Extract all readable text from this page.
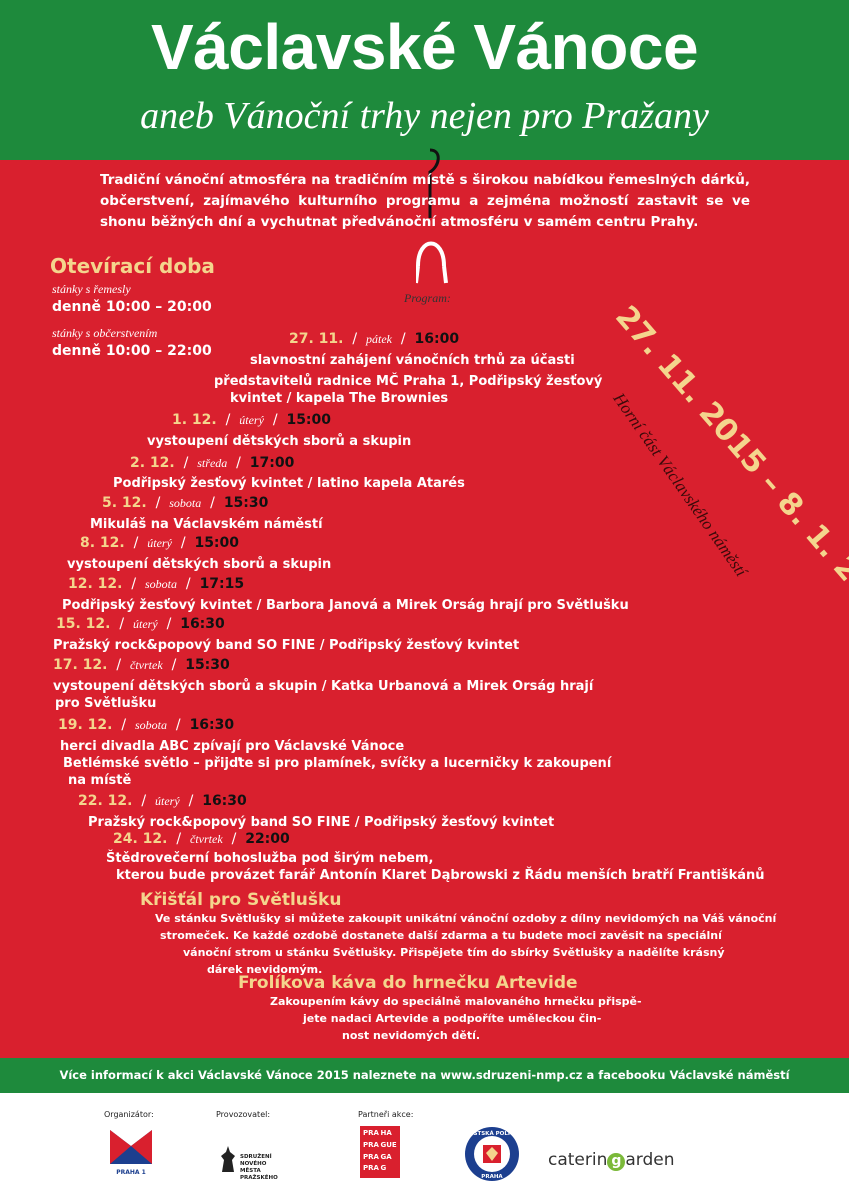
Václavské Vánoce
aneb Vánoční trhy nejen pro Pražany
Tradiční vánoční atmosféra na tradičním místě s širokou nabídkou řemeslných dárků, občerstvení, zajímavého kulturního programu a zejména možností zastavit se ve shonu běžných dní a vychutnat předvánoční atmosféru v samém centru Prahy.
Otevírací doba
stánky s řemesly
denně 10:00 – 20:00
stánky s občerstvením
denně 10:00 – 22:00
Program:
Horní část Václavského náměstí
27. 11.  /  pátek  /  16:00
slavnostní zahájení vánočních trhů za účasti
představitelů radnice MČ Praha 1, Podřipský žesťový
kvintet / kapela The Brownies
1. 12.  /  úterý  /  15:00
vystoupení dětských sborů a skupin
2. 12.  /  středa  /  17:00
Podřipský žesťový kvintet / latino kapela Atarés
5. 12.  /  sobota  /  15:30
Mikuláš na Václavském náměstí
8. 12.  /  úterý  /  15:00
vystoupení dětských sborů a skupin
12. 12.  /  sobota  /  17:15
Podřipský žesťový kvintet / Barbora Janová a Mirek Orság hrají pro Světlušku
15. 12.  /  úterý  /  16:30
Pražský rock&popový band SO FINE / Podřipský žesťový kvintet
17. 12.  /  čtvrtek  /  15:30
vystoupení dětských sborů a skupin / Katka Urbanová a Mirek Orság hrají
pro Světlušku
19. 12.  /  sobota  /  16:30
herci divadla ABC zpívají pro Václavské Vánoce
Betlémské světlo – přijďte si pro plamínek, svíčky a lucerničky k zakoupení
na místě
22. 12.  /  úterý  /  16:30
Pražský rock&popový band SO FINE / Podřipský žesťový kvintet
24. 12.  /  čtvrtek  /  22:00
Štědrovečerní bohoslužba pod širým nebem,
kterou bude provázet farář Antonín Klaret Dąbrowski z Řádu menších bratří Františkánů
Křišťál pro Světlušku
Ve stánku Světlušky si můžete zakoupit unikátní vánoční ozdoby z dílny nevidomých na Váš vánoční
stromeček. Ke každé ozdobě dostanete další zdarma a tu budete moci zavěsit na speciální
vánoční strom u stánku Světlušky. Přispějete tím do sbírky Světlušky a nadělíte krásný
dárek nevidomým.
Frolíkova káva do hrnečku Artevide
Zakoupením kávy do speciálně malovaného hrnečku přispě-
jete nadaci Artevide a podpoříte uměleckou čin-
nost nevidomých dětí.
Více informací k akci Václavské Vánoce 2015 naleznete na www.sdruzeni-nmp.cz a facebooku Václavské náměstí
Organizátor:	Provozovatel:	Partneři akce:
PRAHA 1
SDRUŽENÍ NOVÉHO MĚSTA PRAŽSKÉHO
PRA HA
PRA GUE
PRA GA
PRA G
MĚSTSKÁ POLICIE
PRAHA
caterin g arden
